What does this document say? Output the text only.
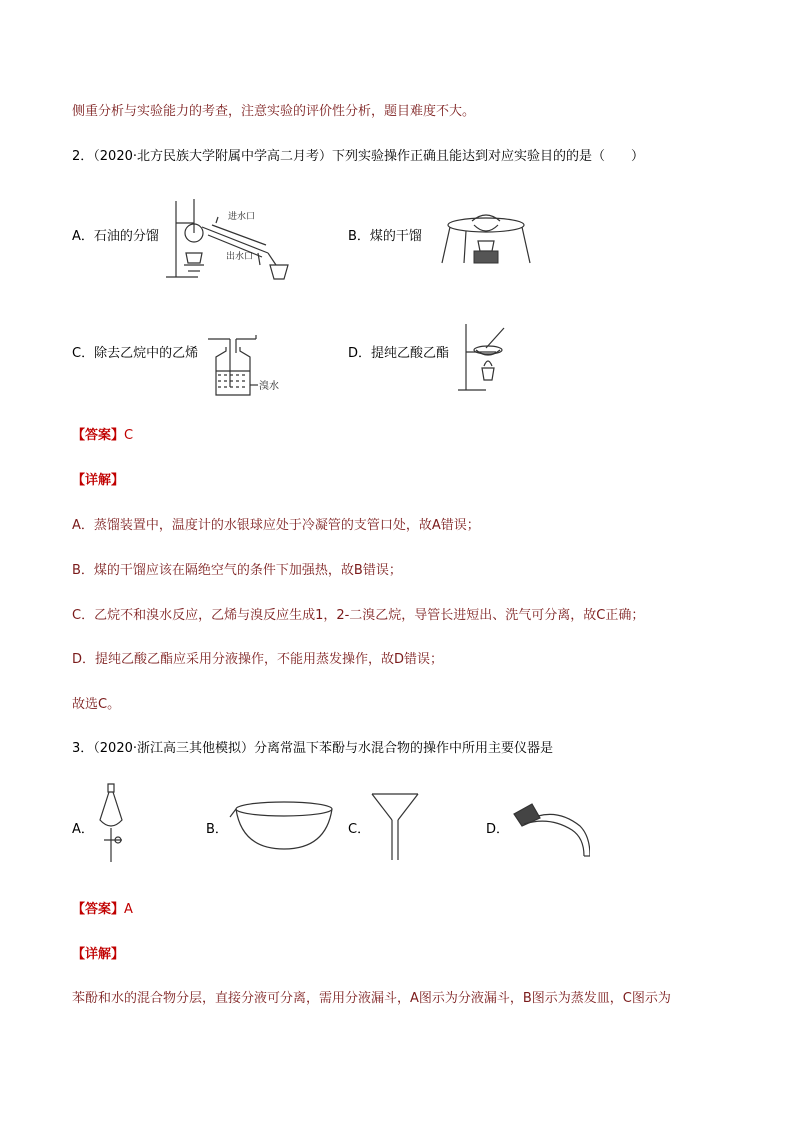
侧重分析与实验能力的考查，注意实验的评价性分析，题目难度不大。
2．（2020·北方民族大学附属中学高二月考）下列实验操作正确且能达到对应实验目的的是（　　）
A．石油的分馏
进水口
出水口
B．煤的干馏
C．除去乙烷中的乙烯
溴水
D．提纯乙酸乙酯
【答案】C
【详解】
A．蒸馏装置中，温度计的水银球应处于冷凝管的支管口处，故A错误；
B．煤的干馏应该在隔绝空气的条件下加强热，故B错误；
C．乙烷不和溴水反应，乙烯与溴反应生成1，2-二溴乙烷，导管长进短出、洗气可分离，故C正确；
D．提纯乙酸乙酯应采用分液操作，不能用蒸发操作，故D错误；
故选C。
3．（2020·浙江高三其他模拟）分离常温下苯酚与水混合物的操作中所用主要仪器是
A．	B．	C．	D．
【答案】A
【详解】
苯酚和水的混合物分层，直接分液可分离，需用分液漏斗，A图示为分液漏斗，B图示为蒸发皿，C图示为
